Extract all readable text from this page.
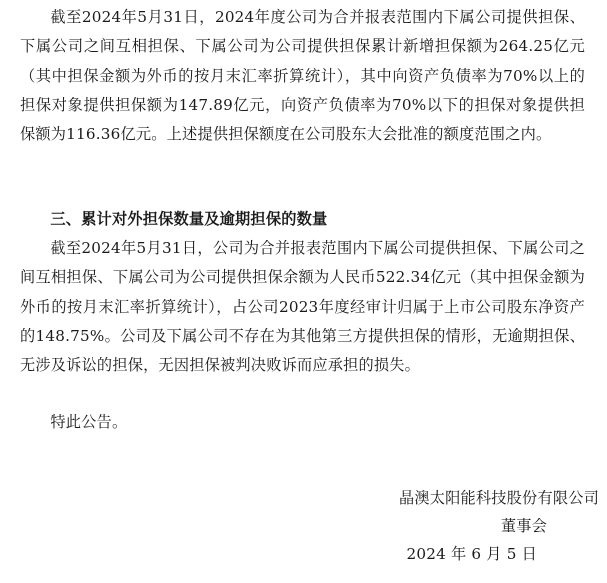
截至2024年5月31日，2024年度公司为合并报表范围内下属公司提供担保、下属公司之间互相担保、下属公司为公司提供担保累计新增担保额为264.25亿元（其中担保金额为外币的按月末汇率折算统计），其中向资产负债率为70%以上的担保对象提供担保额为147.89亿元，向资产负债率为70%以下的担保对象提供担保额为116.36亿元。上述提供担保额度在公司股东大会批准的额度范围之内。

三、累计对外担保数量及逾期担保的数量

截至2024年5月31日，公司为合并报表范围内下属公司提供担保、下属公司之间互相担保、下属公司为公司提供担保余额为人民币522.34亿元（其中担保金额为外币的按月末汇率折算统计），占公司2023年度经审计归属于上市公司股东净资产的148.75%。公司及下属公司不存在为其他第三方提供担保的情形，无逾期担保、无涉及诉讼的担保，无因担保被判决败诉而应承担的损失。

特此公告。

晶澳太阳能科技股份有限公司

董事会

2024 年 6 月 5 日
